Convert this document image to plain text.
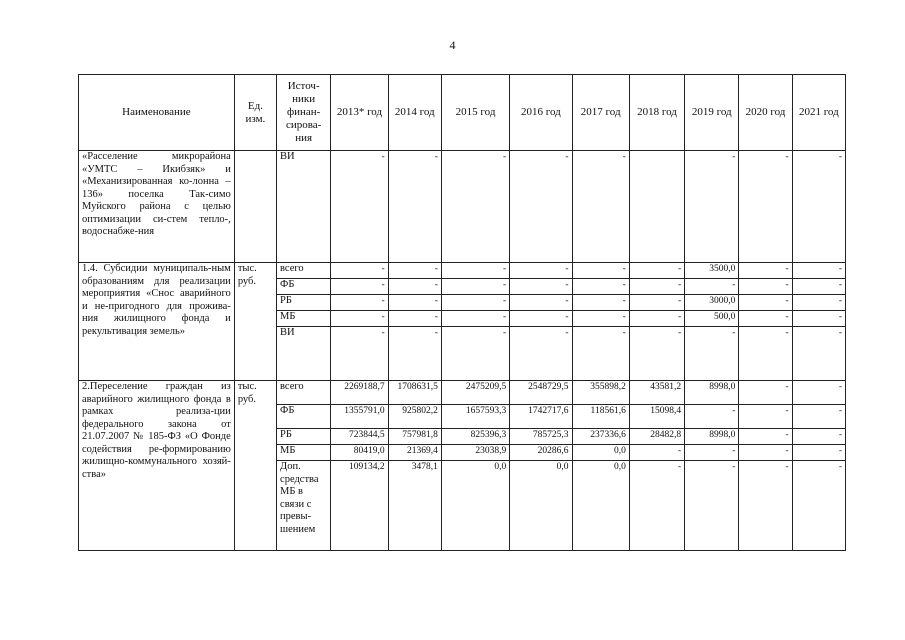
4
Наименование	Ед. изм.	Источ-ники финан-сирова-ния	2013* год	2014 год	2015 год	2016 год	2017 год	2018 год	2019 год	2020 год	2021 год
«Расселение микрорайона «УМТС – Икибзяк» и «Механизированная ко-лонна – 136» поселка Так-симо Муйского района с целью оптимизации си-стем тепло-, водоснабже-ния		ВИ	-	-	-	-	-		-	-	-
1.4. Субсидии муниципаль-ным образованиям для реализации мероприятия «Снос аварийного и не-пригодного для прожива-ния жилищного фонда и рекультивация земель»	тыс. руб.	всего	-	-	-	-	-	-	3500,0	-	-
		ФБ	-	-	-	-	-	-	-	-	-
		РБ	-	-	-	-	-	-	3000,0	-	-
		МБ	-	-	-	-	-	-	500,0	-	-
		ВИ	-	-	-	-	-	-	-	-	-
2.Переселение граждан из аварийного жилищного фонда в рамках реализа-ции федерального закона от 21.07.2007 № 185-ФЗ «О Фонде содействия ре-формированию жилищно-коммунального хозяй-ства»	тыс. руб.	всего	2269188,7	1708631,5	2475209,5	2548729,5	355898,2	43581,2	8998,0	-	-
		ФБ	1355791,0	925802,2	1657593,3	1742717,6	118561,6	15098,4	-	-	-
		РБ	723844,5	757981,8	825396,3	785725,3	237336,6	28482,8	8998,0	-	-
		МБ	80419,0	21369,4	23038,9	20286,6	0,0	-	-	-	-
		Доп. средства МБ в связи с превы-шением	109134,2	3478,1	0,0	0,0	0,0	-	-	-	-
